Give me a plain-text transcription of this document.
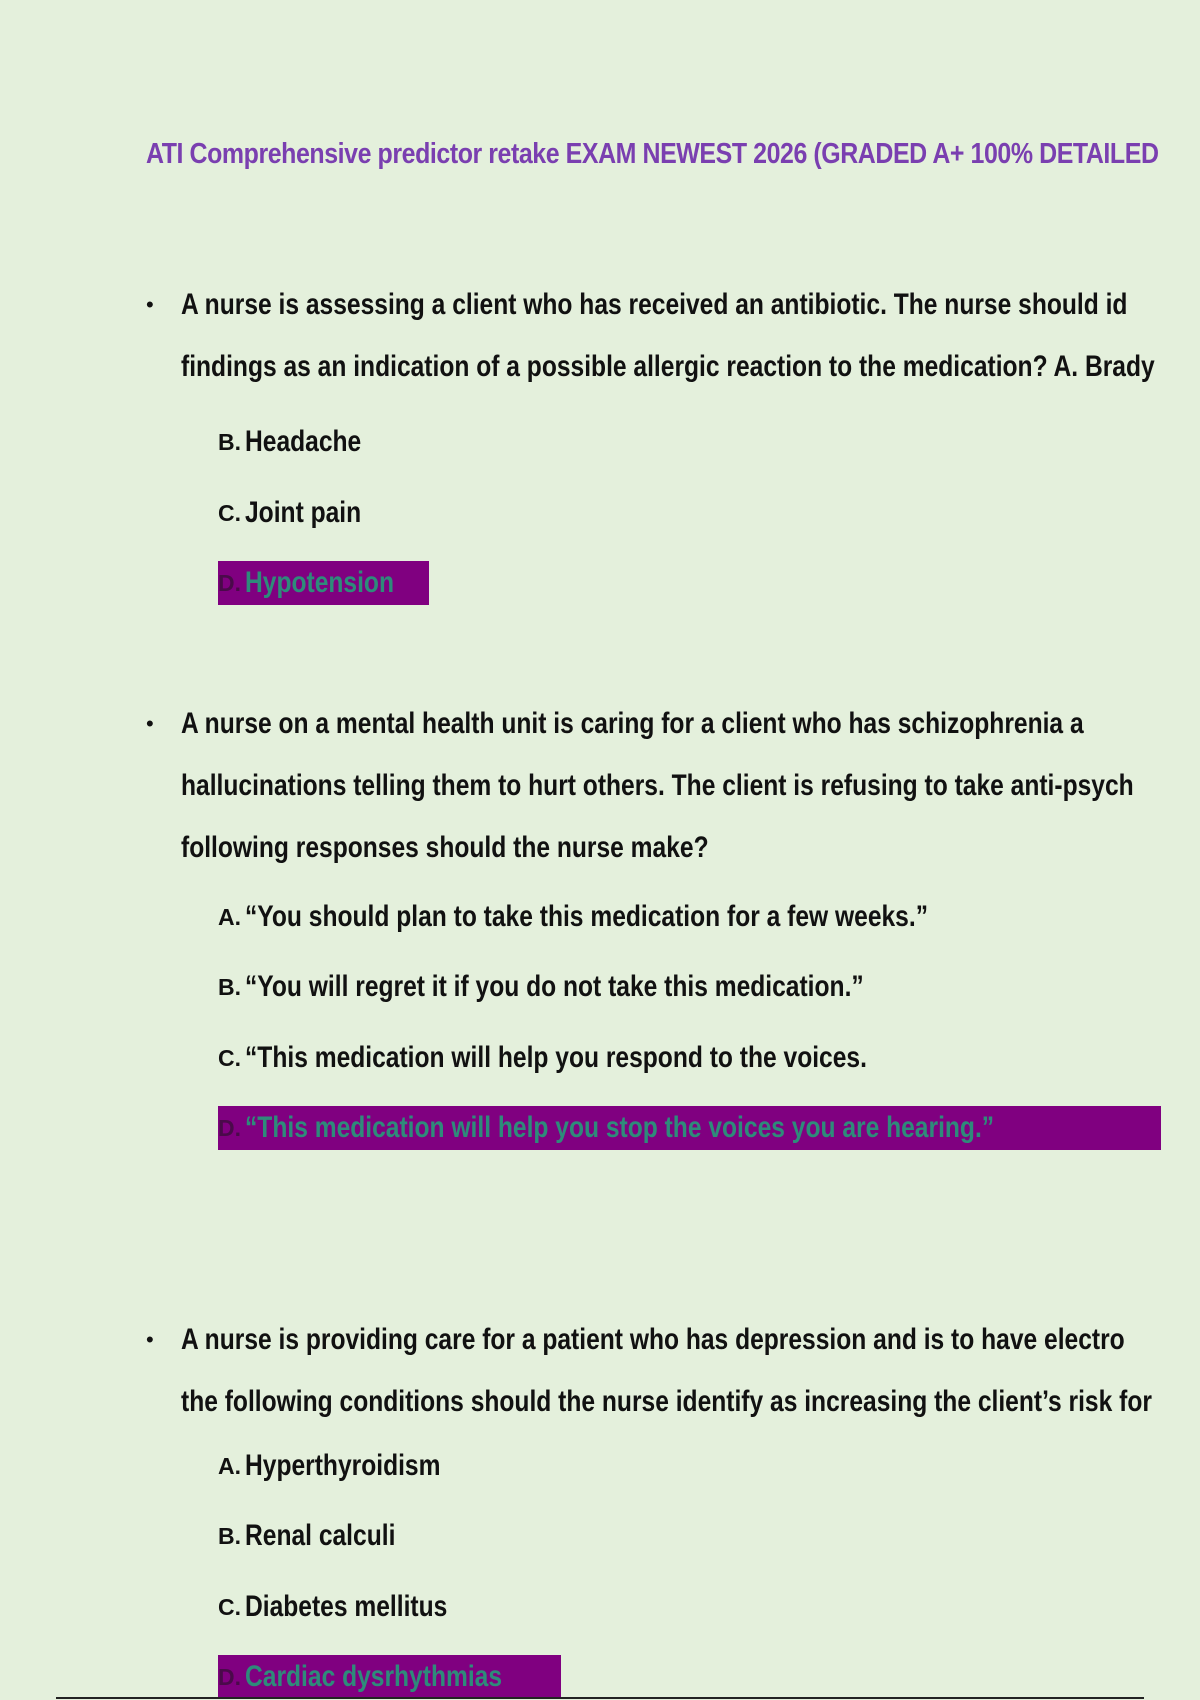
ATI Comprehensive predictor retake EXAM NEWEST 2026 (GRADED A+ 100% DETAILED
• A nurse is assessing a client who has received an antibiotic. The nurse should id
findings as an indication of a possible allergic reaction to the medication? A. Brady
B. Headache
C. Joint pain
D. Hypotension
• A nurse on a mental health unit is caring for a client who has schizophrenia a
hallucinations telling them to hurt others. The client is refusing to take anti-psych
following responses should the nurse make?
A. “You should plan to take this medication for a few weeks.”
B. “You will regret it if you do not take this medication.”
C. “This medication will help you respond to the voices.
D. “This medication will help you stop the voices you are hearing.”
• A nurse is providing care for a patient who has depression and is to have electro
the following conditions should the nurse identify as increasing the client’s risk for
A. Hyperthyroidism
B. Renal calculi
C. Diabetes mellitus
D. Cardiac dysrhythmias
